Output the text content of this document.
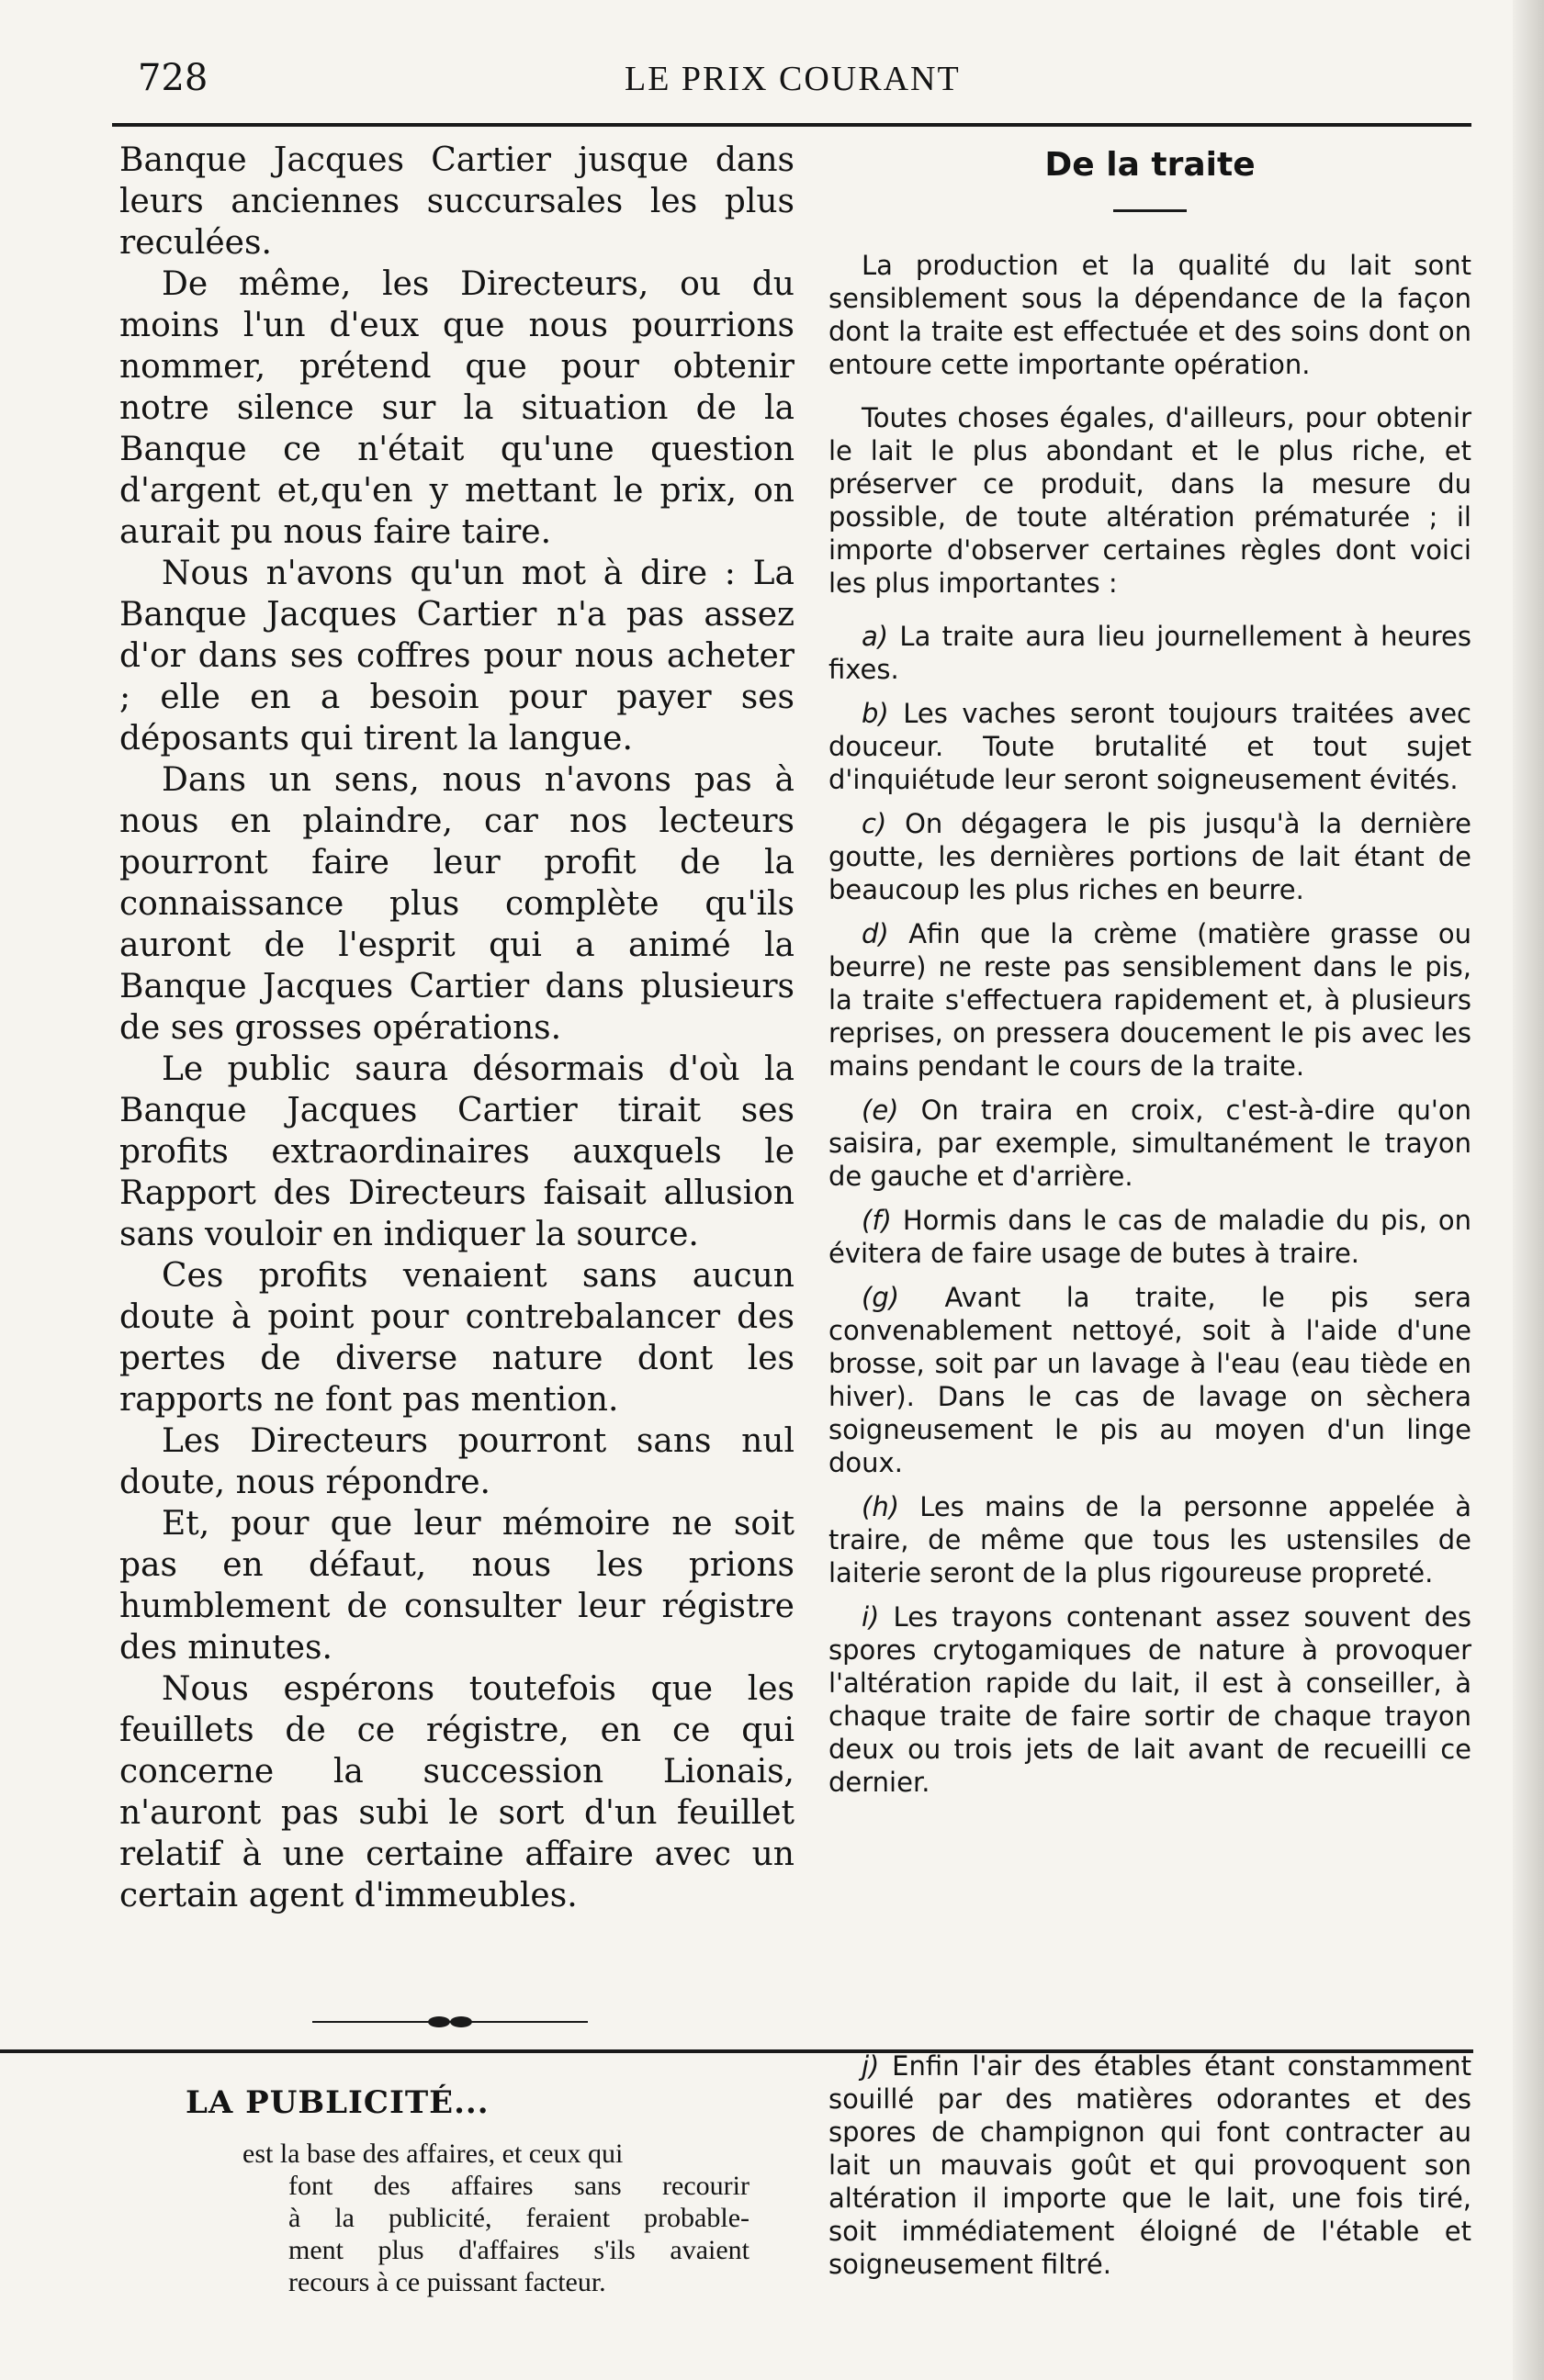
728	LE PRIX COURANT

Banque Jacques Cartier jusque dans leurs anciennes succursales les plus reculées.

De même, les Directeurs, ou du moins l'un d'eux que nous pourrions nommer, prétend que pour obtenir notre silence sur la situation de la Banque ce n'était qu'une question d'argent et,qu'en y mettant le prix, on aurait pu nous faire taire.

Nous n'avons qu'un mot à dire : La Banque Jacques Cartier n'a pas assez d'or dans ses coffres pour nous acheter ; elle en a besoin pour payer ses déposants qui tirent la langue.

Dans un sens, nous n'avons pas à nous en plaindre, car nos lecteurs pourront faire leur profit de la connaissance plus complète qu'ils auront de l'esprit qui a animé la Banque Jacques Cartier dans plusieurs de ses grosses opérations.

Le public saura désormais d'où la Banque Jacques Cartier tirait ses profits extraordinaires auxquels le Rapport des Directeurs faisait allusion sans vouloir en indiquer la source.

Ces profits venaient sans aucun doute à point pour contrebalancer des pertes de diverse nature dont les rapports ne font pas mention.

Les Directeurs pourront sans nul doute, nous répondre.

Et, pour que leur mémoire ne soit pas en défaut, nous les prions humblement de consulter leur régistre des minutes.

Nous espérons toutefois que les feuillets de ce régistre, en ce qui concerne la succession Lionais, n'auront pas subi le sort d'un feuillet relatif à une certaine affaire avec un certain agent d'immeubles.

De la traite

La production et la qualité du lait sont sensiblement sous la dépendance de la façon dont la traite est effectuée et des soins dont on entoure cette importante opération.

Toutes choses égales, d'ailleurs, pour obtenir le lait le plus abondant et le plus riche, et préserver ce produit, dans la mesure du possible, de toute altération prématurée ; il importe d'observer certaines règles dont voici les plus importantes :

a) La traite aura lieu journellement à heures fixes.

b) Les vaches seront toujours traitées avec douceur. Toute brutalité et tout sujet d'inquiétude leur seront soigneusement évités.

c) On dégagera le pis jusqu'à la dernière goutte, les dernières portions de lait étant de beaucoup les plus riches en beurre.

d) Afin que la crème (matière grasse ou beurre) ne reste pas sensiblement dans le pis, la traite s'effectuera rapidement et, à plusieurs reprises, on pressera doucement le pis avec les mains pendant le cours de la traite.

(e) On traira en croix, c'est-à-dire qu'on saisira, par exemple, simultanément le trayon de gauche et d'arrière.

(f) Hormis dans le cas de maladie du pis, on évitera de faire usage de butes à traire.

(g) Avant la traite, le pis sera convenablement nettoyé, soit à l'aide d'une brosse, soit par un lavage à l'eau (eau tiède en hiver). Dans le cas de lavage on sèchera soigneusement le pis au moyen d'un linge doux.

(h) Les mains de la personne appelée à traire, de même que tous les ustensiles de laiterie seront de la plus rigoureuse propreté.

i) Les trayons contenant assez souvent des spores crytogamiques de nature à provoquer l'altération rapide du lait, il est à conseiller, à chaque traite de faire sortir de chaque trayon deux ou trois jets de lait avant de recueilli ce dernier.

LA PUBLICITÉ...
est la base des affaires, et ceux qui
font des affaires sans recourir
à la publicité, feraient probable-
ment plus d'affaires s'ils avaient
recours à ce puissant facteur.

j) Enfin l'air des étables étant constamment souillé par des matières odorantes et des spores de champignon qui font contracter au lait un mauvais goût et qui provoquent son altération il importe que le lait, une fois tiré, soit immédiatement éloigné de l'étable et soigneusement filtré.
